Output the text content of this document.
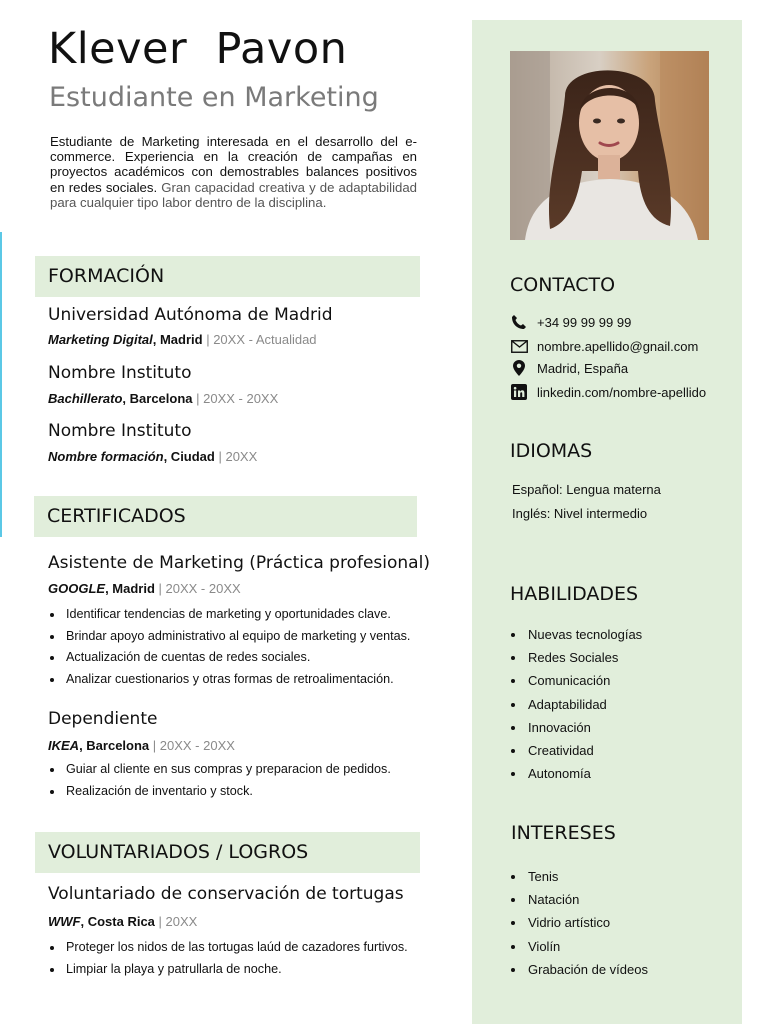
Klever Pavon
Estudiante en Marketing

Estudiante de Marketing interesada en el desarrollo del e-commerce. Experiencia en la creación de campañas en proyectos académicos con demostrables balances positivos en redes sociales. Gran capacidad creativa y de adaptabilidad para cualquier tipo labor dentro de la disciplina.

FORMACIÓN
Universidad Autónoma de Madrid
Marketing Digital, Madrid | 20XX - Actualidad
Nombre Instituto
Bachillerato, Barcelona | 20XX - 20XX
Nombre Instituto
Nombre formación, Ciudad | 20XX
CERTIFICADOS
Asistente de Marketing (Práctica profesional)
GOOGLE, Madrid | 20XX - 20XX
Identificar tendencias de marketing y oportunidades clave.
Brindar apoyo administrativo al equipo de marketing y ventas.
Actualización de cuentas de redes sociales.
Analizar cuestionarios y otras formas de retroalimentación.
Dependiente
IKEA, Barcelona | 20XX - 20XX
Guiar al cliente en sus compras y preparacion de pedidos.
Realización de inventario y stock.
VOLUNTARIADOS / LOGROS
Voluntariado de conservación de tortugas
WWF, Costa Rica | 20XX
Proteger los nidos de las tortugas laúd de cazadores furtivos.
Limpiar la playa y patrullarla de noche.
CONTACTO
+34 99 99 99 99
nombre.apellido@gnail.com
Madrid, España
linkedin.com/nombre-apellido
IDIOMAS
Español: Lengua materna
Inglés: Nivel intermedio
HABILIDADES
Nuevas tecnologías
Redes Sociales
Comunicación
Adaptabilidad
Innovación
Creatividad
Autonomía
INTERESES
Tenis
Natación
Vidrio artístico
Violín
Grabación de vídeos
